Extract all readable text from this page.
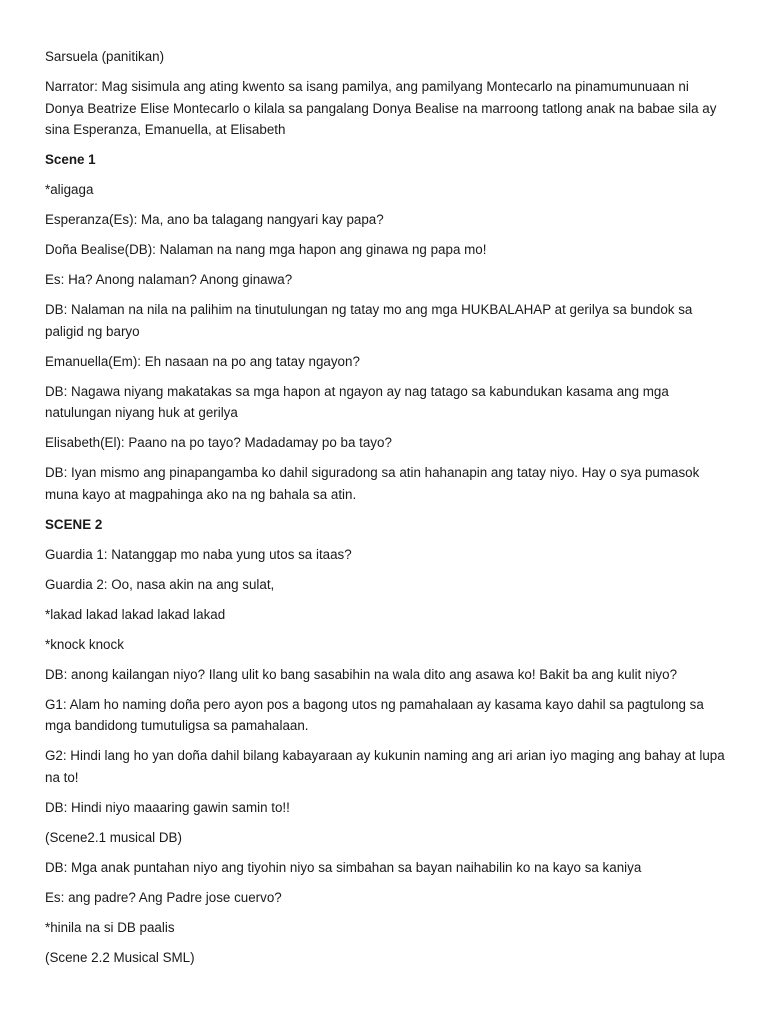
Sarsuela (panitikan)

Narrator: Mag sisimula ang ating kwento sa isang pamilya, ang pamilyang Montecarlo na pinamumunuaan ni Donya Beatrize Elise Montecarlo o kilala sa pangalang Donya Bealise na marroong tatlong anak na babae sila ay sina Esperanza, Emanuella, at Elisabeth

Scene 1

*aligaga

Esperanza(Es): Ma, ano ba talagang nangyari kay papa?

Doña Bealise(DB): Nalaman na nang mga hapon ang ginawa ng papa mo!

Es: Ha? Anong nalaman? Anong ginawa?

DB: Nalaman na nila na palihim na tinutulungan ng tatay mo ang mga HUKBALAHAP at gerilya sa bundok sa paligid ng baryo

Emanuella(Em): Eh nasaan na po ang tatay ngayon?

DB: Nagawa niyang makatakas sa mga hapon at ngayon ay nag tatago sa kabundukan kasama ang mga natulungan niyang huk at gerilya

Elisabeth(El): Paano na po tayo? Madadamay po ba tayo?

DB: Iyan mismo ang pinapangamba ko dahil siguradong sa atin hahanapin ang tatay niyo. Hay o sya pumasok muna kayo at magpahinga ako na ng bahala sa atin.

SCENE 2

Guardia 1: Natanggap mo naba yung utos sa itaas?

Guardia 2: Oo, nasa akin na ang sulat,

*lakad lakad lakad lakad lakad

*knock knock

DB: anong kailangan niyo? Ilang ulit ko bang sasabihin na wala dito ang asawa ko! Bakit ba ang kulit niyo?

G1: Alam ho naming doña pero ayon pos a bagong utos ng pamahalaan ay kasama kayo dahil sa pagtulong sa mga bandidong tumutuligsa sa pamahalaan.

G2: Hindi lang ho yan doña dahil bilang kabayaraan ay kukunin naming ang ari arian iyo maging ang bahay at lupa na to!

DB: Hindi niyo maaaring gawin samin to!!

(Scene2.1 musical DB)

DB: Mga anak puntahan niyo ang tiyohin niyo sa simbahan sa bayan naihabilin ko na kayo sa kaniya

Es: ang padre? Ang Padre jose cuervo?

*hinila na si DB paalis

(Scene 2.2 Musical SML)
